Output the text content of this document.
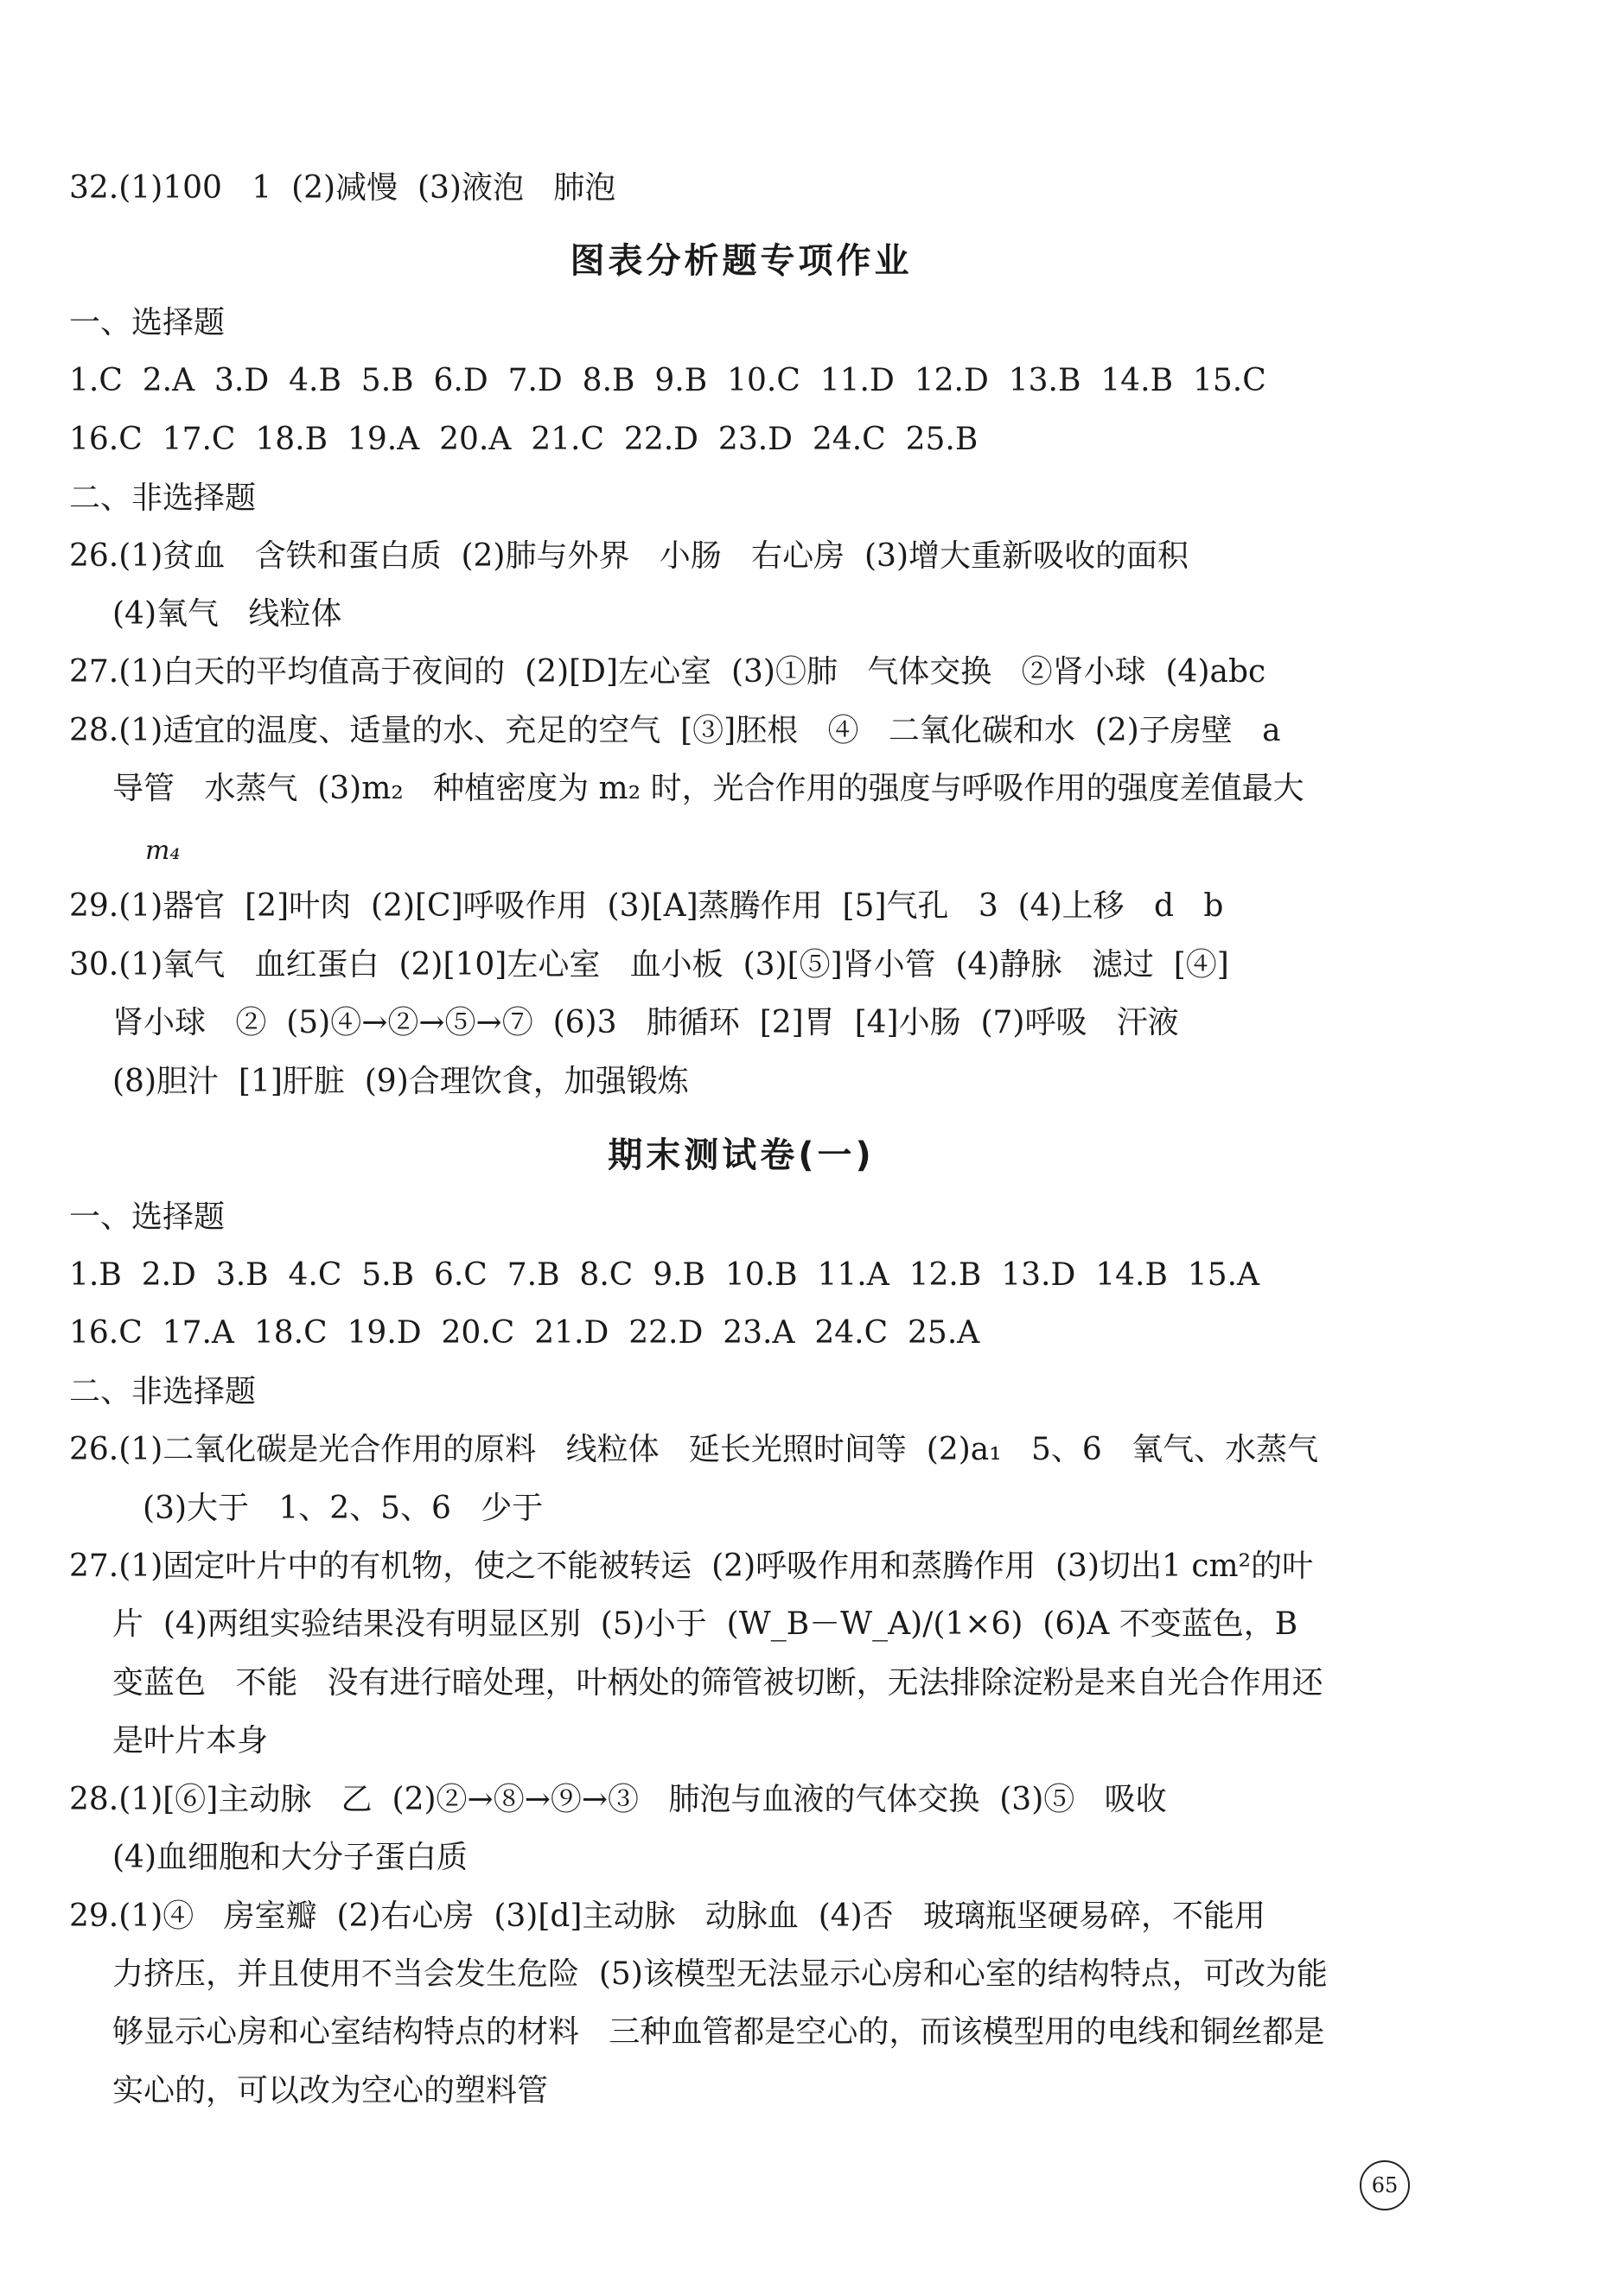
32.(1)100   1  (2)减慢  (3)液泡   肺泡
图表分析题专项作业
一、选择题
1.C  2.A  3.D  4.B  5.B  6.D  7.D  8.B  9.B  10.C  11.D  12.D  13.B  14.B  15.C
16.C  17.C  18.B  19.A  20.A  21.C  22.D  23.D  24.C  25.B
二、非选择题
26.(1)贫血   含铁和蛋白质  (2)肺与外界   小肠   右心房  (3)增大重新吸收的面积
(4)氧气   线粒体
27.(1)白天的平均值高于夜间的  (2)[D]左心室  (3)①肺   气体交换   ②肾小球  (4)abc
28.(1)适宜的温度、适量的水、充足的空气  [③]胚根   ④   二氧化碳和水  (2)子房壁   a
导管   水蒸气  (3)m₂   种植密度为 m₂ 时，光合作用的强度与呼吸作用的强度差值最大
m₄
29.(1)器官  [2]叶肉  (2)[C]呼吸作用  (3)[A]蒸腾作用  [5]气孔   3  (4)上移   d   b
30.(1)氧气   血红蛋白  (2)[10]左心室   血小板  (3)[⑤]肾小管  (4)静脉   滤过  [④]
肾小球   ②  (5)④→②→⑤→⑦  (6)3   肺循环  [2]胃  [4]小肠  (7)呼吸   汗液
(8)胆汁  [1]肝脏  (9)合理饮食，加强锻炼
期末测试卷(一)
一、选择题
1.B  2.D  3.B  4.C  5.B  6.C  7.B  8.C  9.B  10.B  11.A  12.B  13.D  14.B  15.A
16.C  17.A  18.C  19.D  20.C  21.D  22.D  23.A  24.C  25.A
二、非选择题
26.(1)二氧化碳是光合作用的原料   线粒体   延长光照时间等  (2)a₁   5、6   氧气、水蒸气
(3)大于   1、2、5、6   少于
27.(1)固定叶片中的有机物，使之不能被转运  (2)呼吸作用和蒸腾作用  (3)切出1 cm²的叶
片  (4)两组实验结果没有明显区别  (5)小于  (W_B－W_A)/(1×6)  (6)A 不变蓝色，B
变蓝色   不能   没有进行暗处理，叶柄处的筛管被切断，无法排除淀粉是来自光合作用还
是叶片本身
28.(1)[⑥]主动脉   乙  (2)②→⑧→⑨→③   肺泡与血液的气体交换  (3)⑤   吸收
(4)血细胞和大分子蛋白质
29.(1)④   房室瓣  (2)右心房  (3)[d]主动脉   动脉血  (4)否   玻璃瓶坚硬易碎，不能用
力挤压，并且使用不当会发生危险  (5)该模型无法显示心房和心室的结构特点，可改为能
够显示心房和心室结构特点的材料   三种血管都是空心的，而该模型用的电线和铜丝都是
实心的，可以改为空心的塑料管
65
